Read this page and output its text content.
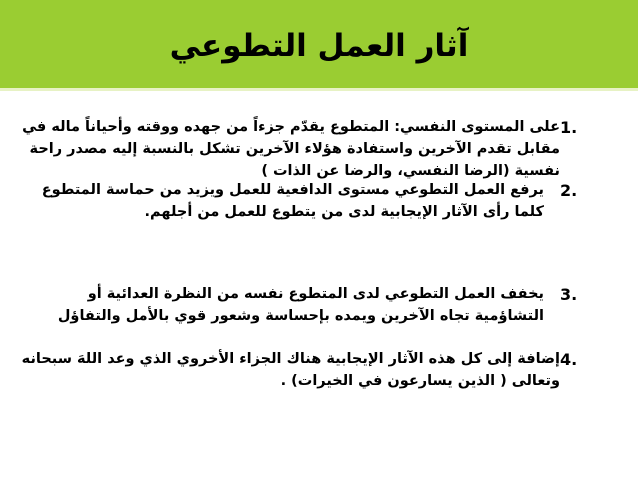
آثار العمل التطوعي
1.
على المستوى النفسي: المتطوع يقدّم جزءاً من جهده ووقته وأحياناً ماله في مقابل تقدم الآخرين واستفادة هؤلاء الآخرين تشكل بالنسبة إليه مصدر راحة نفسية (الرضا النفسي، والرضا عن الذات )
2.
يرفع العمل التطوعي مستوى الدافعية للعمل ويزيد من حماسة المتطوع كلما رأى الآثار الإيجابية لدى من يتطوع للعمل من أجلهم.
3.
يخفف العمل التطوعي لدى المتطوع نفسه من النظرة العدائية أو التشاؤمية تجاه الآخرين ويمده بإحساسة وشعور قوي بالأمل والتفاؤل
4.
إضافة إلى كل هذه الآثار الإيجابية هناك الجزاء الأخروي الذي وعد اللهَ سبحانه وتعالى ( الذين يسارعون في الخيرات) .
